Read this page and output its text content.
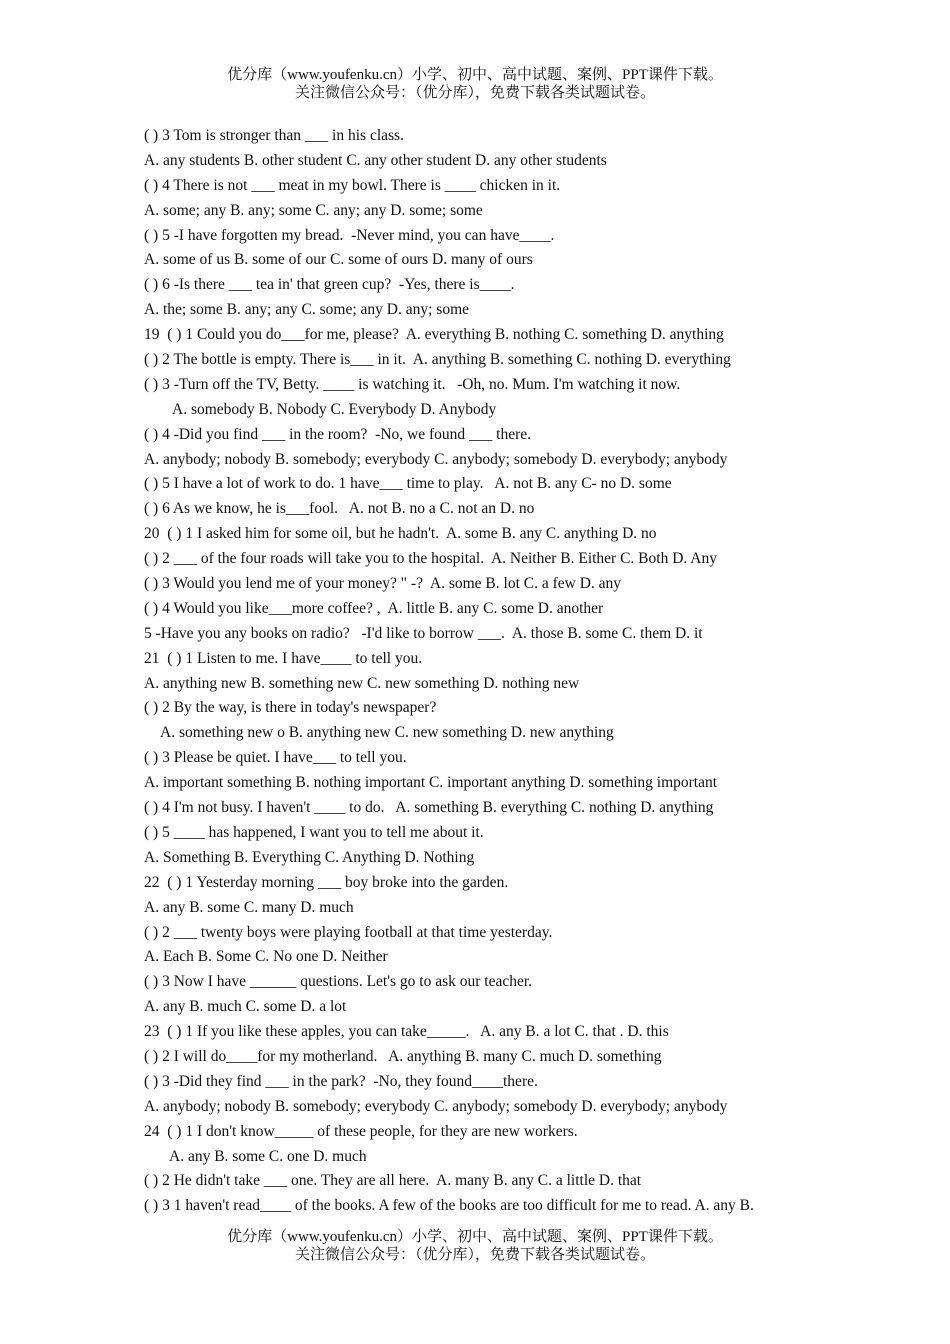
优分库（www.youfenku.cn）小学、初中、高中试题、案例、PPT课件下载。
关注微信公众号：（优分库），免费下载各类试题试卷。
( ) 3 Tom is stronger than ___ in his class.
A. any students B. other student C. any other student D. any other students
( ) 4 There is not ___ meat in my bowl. There is ____ chicken in it.
A. some; any B. any; some C. any; any D. some; some
( ) 5 -I have forgotten my bread.  -Never mind, you can have____.
A. some of us B. some of our C. some of ours D. many of ours
( ) 6 -Is there ___ tea in' that green cup?  -Yes, there is____.
A. the; some B. any; any C. some; any D. any; some
19  ( ) 1 Could you do___for me, please?  A. everything B. nothing C. something D. anything
( ) 2 The bottle is empty. There is___ in it.  A. anything B. something C. nothing D. everything
( ) 3 -Turn off the TV, Betty. ____ is watching it.   -Oh, no. Mum. I'm watching it now.
A. somebody B. Nobody C. Everybody D. Anybody
( ) 4 -Did you find ___ in the room?  -No, we found ___ there.
A. anybody; nobody B. somebody; everybody C. anybody; somebody D. everybody; anybody
( ) 5 I have a lot of work to do. 1 have___ time to play.   A. not B. any C- no D. some
( ) 6 As we know, he is___fool.   A. not B. no a C. not an D. no
20  ( ) 1 I asked him for some oil, but he hadn't.  A. some B. any C. anything D. no
( ) 2 ___ of the four roads will take you to the hospital.  A. Neither B. Either C. Both D. Any
( ) 3 Would you lend me of your money? " -?  A. some B. lot C. a few D. any
( ) 4 Would you like___more coffee? ,  A. little B. any C. some D. another
5 -Have you any books on radio?   -I'd like to borrow ___.  A. those B. some C. them D. it
21  ( ) 1 Listen to me. I have____ to tell you.
A. anything new B. something new C. new something D. nothing new
( ) 2 By the way, is there in today's newspaper?
A. something new o B. anything new C. new something D. new anything
( ) 3 Please be quiet. I have___ to tell you.
A. important something B. nothing important C. important anything D. something important
( ) 4 I'm not busy. I haven't ____ to do.   A. something B. everything C. nothing D. anything
( ) 5 ____ has happened, I want you to tell me about it.
A. Something B. Everything C. Anything D. Nothing
22  ( ) 1 Yesterday morning ___ boy broke into the garden.
A. any B. some C. many D. much
( ) 2 ___ twenty boys were playing football at that time yesterday.
A. Each B. Some C. No one D. Neither
( ) 3 Now I have ______ questions. Let's go to ask our teacher.
A. any B. much C. some D. a lot
23  ( ) 1 If you like these apples, you can take_____.   A. any B. a lot C. that . D. this
( ) 2 I will do____for my motherland.   A. anything B. many C. much D. something
( ) 3 -Did they find ___ in the park?  -No, they found____there.
A. anybody; nobody B. somebody; everybody C. anybody; somebody D. everybody; anybody
24  ( ) 1 I don't know_____ of these people, for they are new workers.
A. any B. some C. one D. much
( ) 2 He didn't take ___ one. They are all here.  A. many B. any C. a little D. that
( ) 3 1 haven't read____ of the books. A few of the books are too difficult for me to read. A. any B.
优分库（www.youfenku.cn）小学、初中、高中试题、案例、PPT课件下载。
关注微信公众号：（优分库），免费下载各类试题试卷。
